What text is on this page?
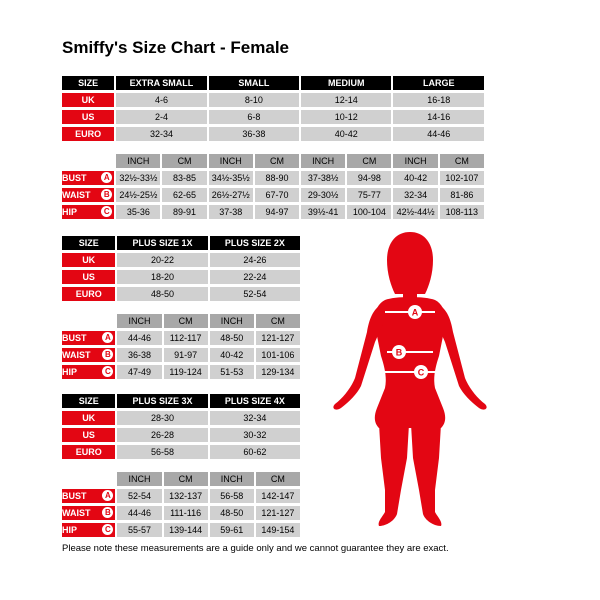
Smiffy's Size Chart - Female
SIZE	EXTRA SMALL		SMALL		MEDIUM		LARGE	
UK	4-6		8-10		12-14		16-18	
US	2-4		6-8		10-12		14-16	
EURO	32-34		36-38		40-42		44-46	

	INCH	CM	INCH	CM	INCH	CM	INCH	CM

BUST A	32½-33½	83-85	34½-35½	88-90	37-38½	94-98	40-42	102-107

WAIST B	24½-25½	62-65	26½-27½	67-70	29-30½	75-77	32-34	81-86

HIP C	35-36	89-91	37-38	94-97	39½-41	100-104	42½-44½	108-113
SIZE	PLUS SIZE 1X		PLUS SIZE 2X	
UK	20-22		24-26	
US	18-20		22-24	
EURO	48-50		52-54	

	INCH	CM	INCH	CM

BUST A	44-46	112-117	48-50	121-127

WAIST B	36-38	91-97	40-42	101-106

HIP C	47-49	119-124	51-53	129-134
SIZE	PLUS SIZE 3X		PLUS SIZE 4X	
UK	28-30		32-34	
US	26-28		30-32	
EURO	56-58		60-62	

	INCH	CM	INCH	CM

BUST A	52-54	132-137	56-58	142-147

WAIST B	44-46	111-116	48-50	121-127

HIP C	55-57	139-144	59-61	149-154
A
B
C
Please note these measurements are a guide only and we cannot guarantee they are exact.
